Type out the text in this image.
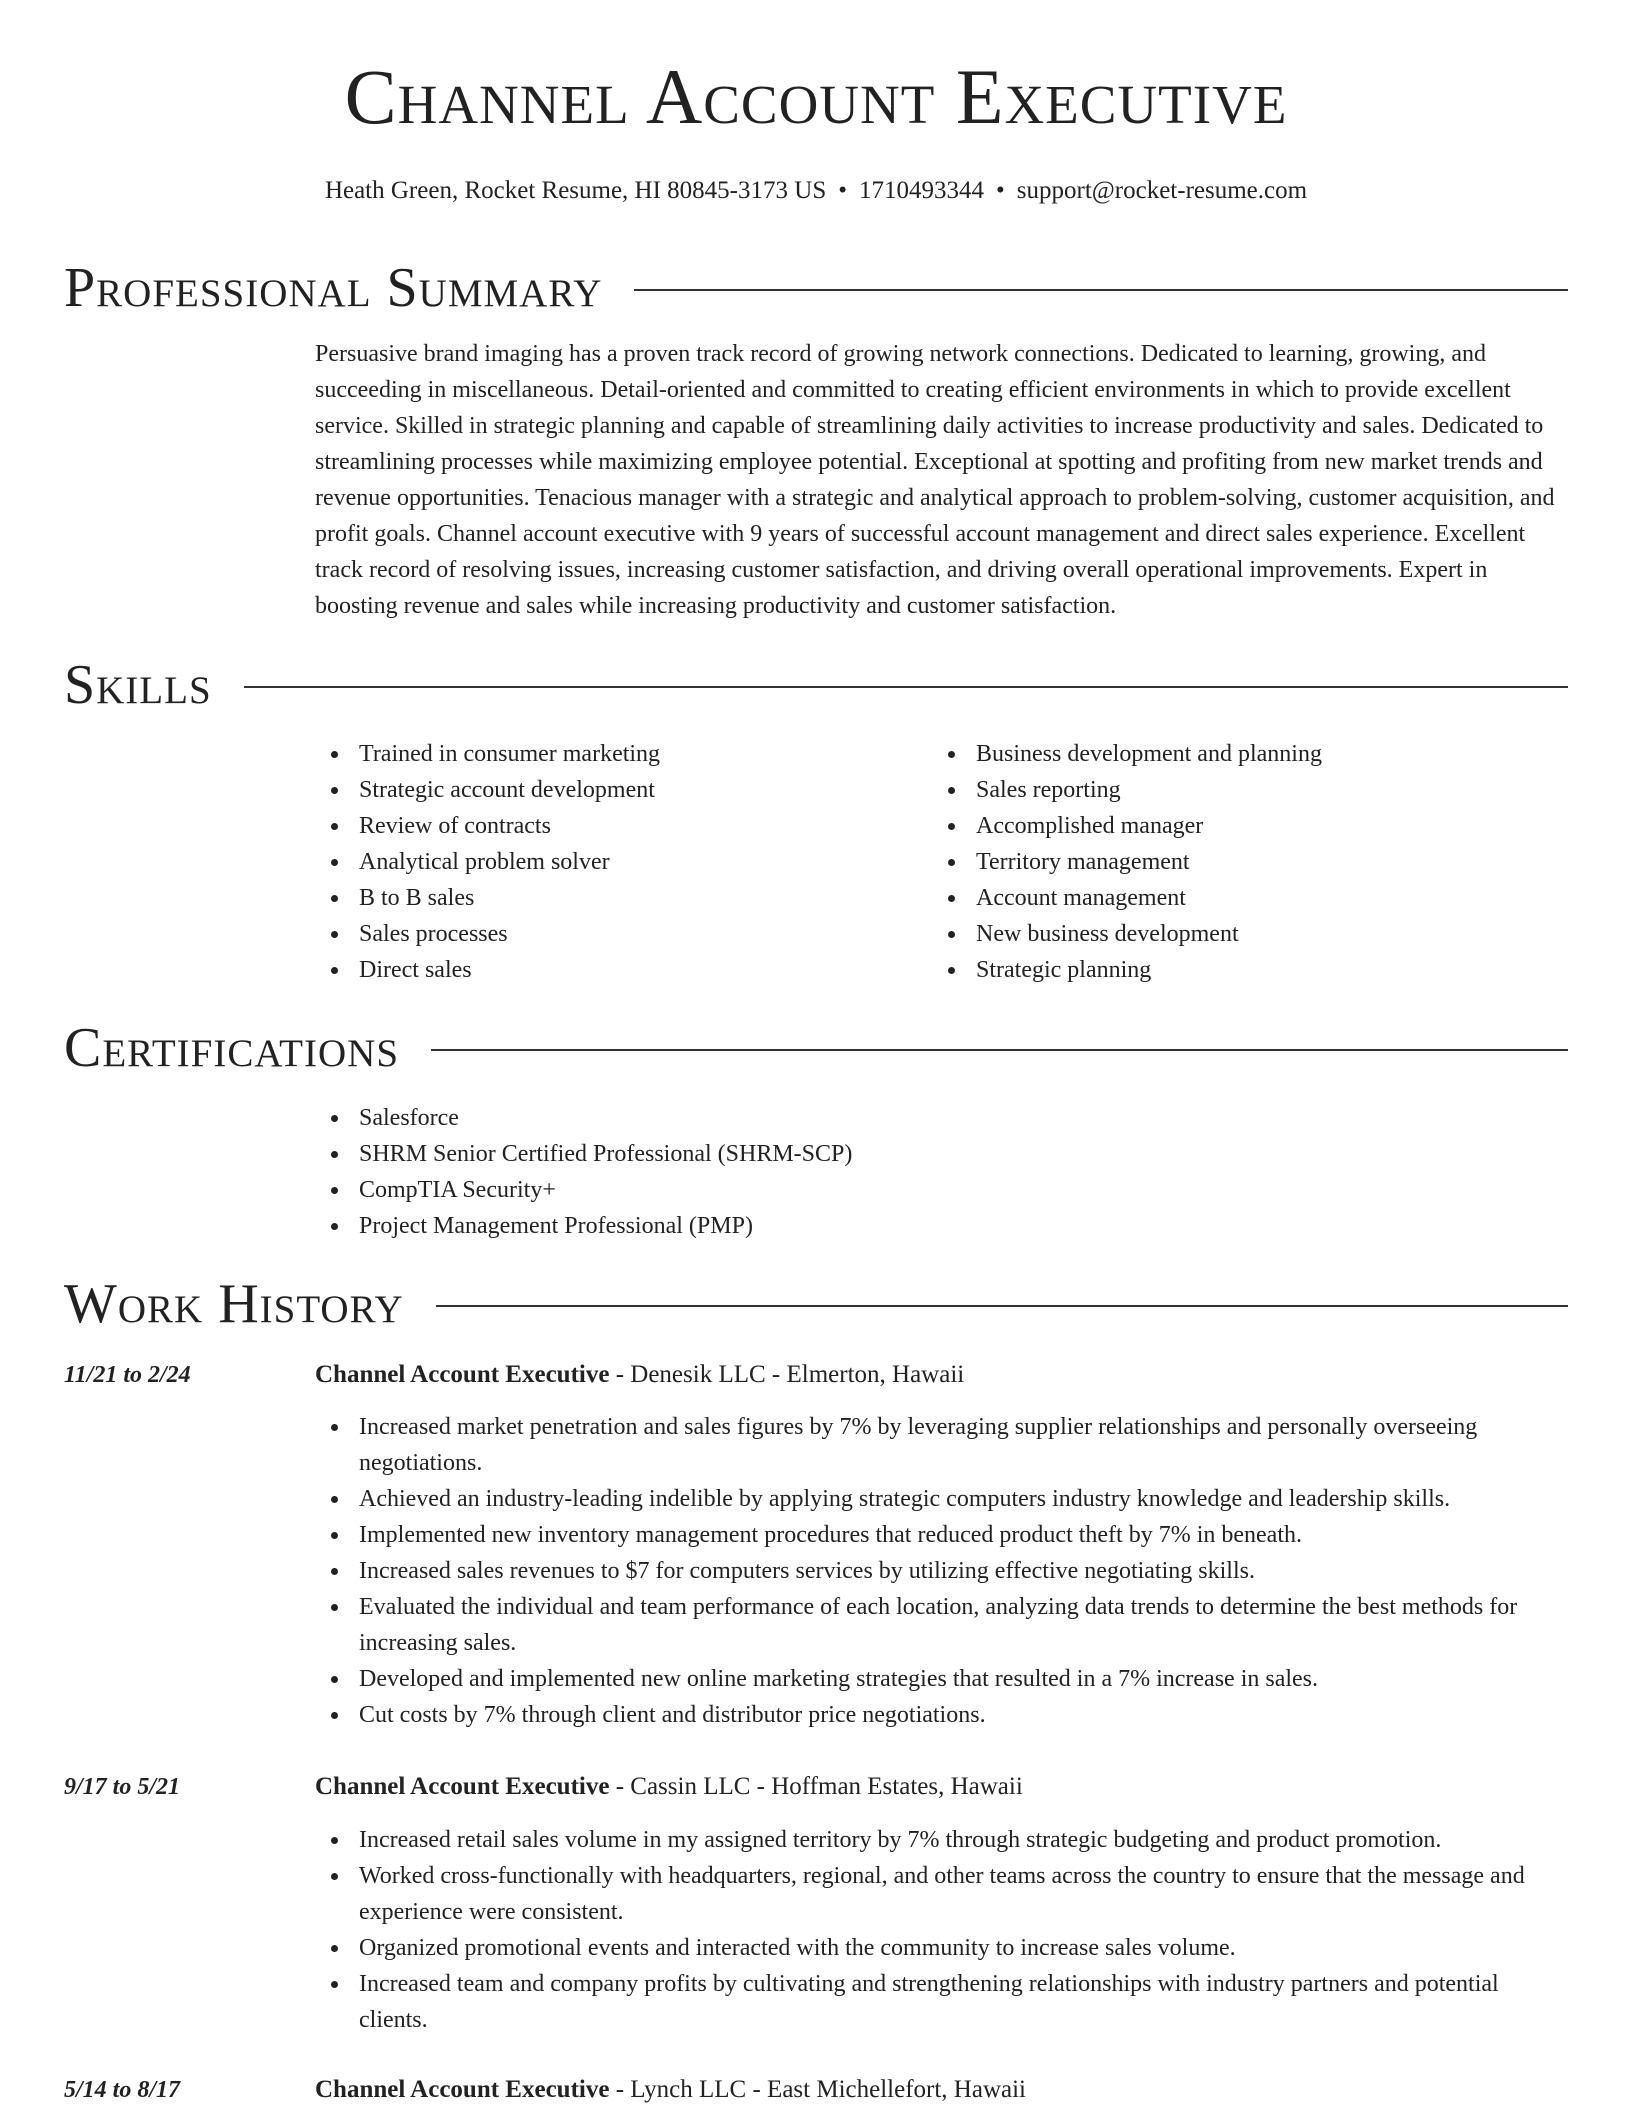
Channel Account Executive
Heath Green, Rocket Resume, HI 80845-3173 US • 1710493344 • support@rocket-resume.com
Professional Summary

Persuasive brand imaging has a proven track record of growing network connections. Dedicated to learning, growing, and succeeding in miscellaneous. Detail-oriented and committed to creating efficient environments in which to provide excellent service. Skilled in strategic planning and capable of streamlining daily activities to increase productivity and sales. Dedicated to streamlining processes while maximizing employee potential. Exceptional at spotting and profiting from new market trends and revenue opportunities. Tenacious manager with a strategic and analytical approach to problem-solving, customer acquisition, and profit goals. Channel account executive with 9 years of successful account management and direct sales experience. Excellent track record of resolving issues, increasing customer satisfaction, and driving overall operational improvements. Expert in boosting revenue and sales while increasing productivity and customer satisfaction.

Skills
Trained in consumer marketing
Strategic account development
Review of contracts
Analytical problem solver
B to B sales
Sales processes
Direct sales
Business development and planning
Sales reporting
Accomplished manager
Territory management
Account management
New business development
Strategic planning
Certifications
Salesforce
SHRM Senior Certified Professional (SHRM-SCP)
CompTIA Security+
Project Management Professional (PMP)
Work History
11/21 to 2/24	Channel Account Executive - Denesik LLC - Elmerton, Hawaii
Increased market penetration and sales figures by 7% by leveraging supplier relationships and personally overseeing negotiations.
Achieved an industry-leading indelible by applying strategic computers industry knowledge and leadership skills.
Implemented new inventory management procedures that reduced product theft by 7% in beneath.
Increased sales revenues to $7 for computers services by utilizing effective negotiating skills.
Evaluated the individual and team performance of each location, analyzing data trends to determine the best methods for increasing sales.
Developed and implemented new online marketing strategies that resulted in a 7% increase in sales.
Cut costs by 7% through client and distributor price negotiations.
9/17 to 5/21	Channel Account Executive - Cassin LLC - Hoffman Estates, Hawaii
Increased retail sales volume in my assigned territory by 7% through strategic budgeting and product promotion.
Worked cross-functionally with headquarters, regional, and other teams across the country to ensure that the message and experience were consistent.
Organized promotional events and interacted with the community to increase sales volume.
Increased team and company profits by cultivating and strengthening relationships with industry partners and potential clients.
5/14 to 8/17	Channel Account Executive - Lynch LLC - East Michellefort, Hawaii
